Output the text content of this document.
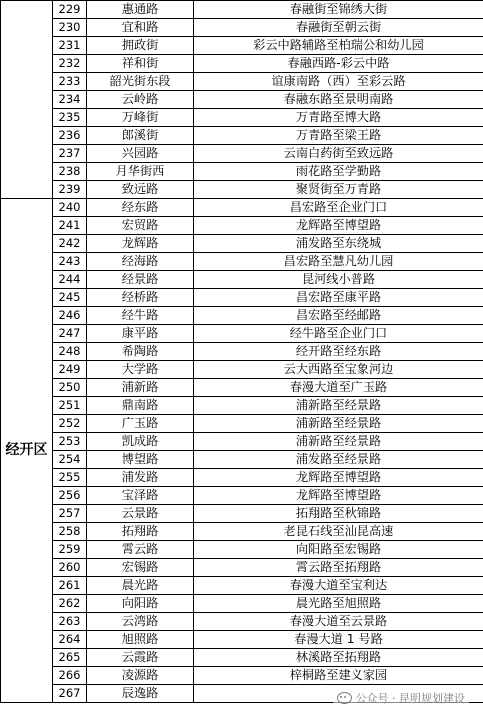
	229	惠通路	春融街至锦绣大街
	230	宜和路	春融街至朝云街
	231	拥政街	彩云中路辅路至柏瑞公和幼儿园
	232	祥和街	春融西路-彩云中路
	233	韶光街东段	谊康南路（西）至彩云路
	234	云岭路	春融东路至景明南路
	235	万峰街	万青路至博大路
	236	郎溪街	万青路至梁王路
	237	兴园路	云南白药街至致远路
	238	月华街西	雨花路至学勤路
	239	致远路	聚贤街至万青路
经开区	240	经东路	昌宏路至企业门口
	241	宏贸路	龙辉路至博望路
	242	龙辉路	浦发路至东绕城
	243	经海路	昌宏路至慧凡幼儿园
	244	经景路	昆河线小普路
	245	经桥路	昌宏路至康平路
	246	经牛路	昌宏路至经邮路
	247	康平路	经牛路至企业门口
	248	希陶路	经开路至经东路
	249	大学路	云大西路至宝象河边
	250	浦新路	春漫大道至广玉路
	251	鼎南路	浦新路至经景路
	252	广玉路	浦新路至经景路
	253	凯成路	浦新路至经景路
	254	博望路	浦发路至经景路
	255	浦发路	龙辉路至博望路
	256	宝泽路	龙辉路至博望路
	257	云景路	拓翔路至秋锦路
	258	拓翔路	老昆石线至汕昆高速
	259	霄云路	向阳路至宏锡路
	260	宏锡路	霄云路至拓翔路
	261	晨光路	春漫大道至宝利达
	262	向阳路	晨光路至旭照路
	263	云湾路	春漫大道至云景路
	264	旭照路	春漫大道 1 号路
	265	云霞路	林溪路至拓翔路
	266	凌源路	梓桐路至建义家园
	267	辰逸路		公众号 · 昆明规划建设
